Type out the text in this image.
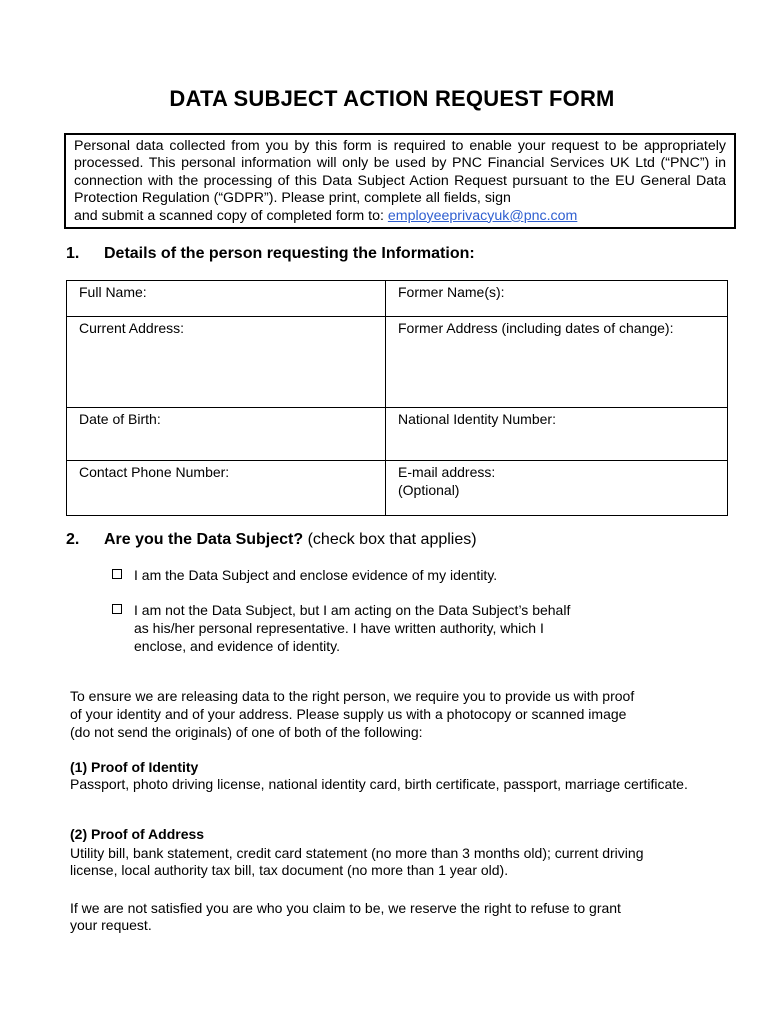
DATA SUBJECT ACTION REQUEST FORM

Personal data collected from you by this form is required to enable your request to be appropriately processed. This personal information will only be used by PNC Financial Services UK Ltd (“PNC”) in connection with the processing of this Data Subject Action Request pursuant to the EU General Data Protection Regulation (“GDPR”). Please print, complete all fields, sign

and submit a scanned copy of completed form to: employeeprivacyuk@pnc.com

1. Details of the person requesting the Information:
Full Name:	Former Name(s):
Current Address:	Former Address (including dates of change):
Date of Birth:	National Identity Number:
Contact Phone Number:	E-mail address:
(Optional)
2. Are you the Data Subject? (check box that applies)
I am the Data Subject and enclose evidence of my identity.
I am not the Data Subject, but I am acting on the Data Subject’s behalf
as his/her personal representative. I have written authority, which I
enclose, and evidence of identity.

To ensure we are releasing data to the right person, we require you to provide us with proof

of your identity and of your address. Please supply us with a photocopy or scanned image

(do not send the originals) of one of both of the following:

(1) Proof of Identity

Passport, photo driving license, national identity card, birth certificate, passport, marriage certificate.

(2) Proof of Address

Utility bill, bank statement, credit card statement (no more than 3 months old); current driving

license, local authority tax bill, tax document (no more than 1 year old).

If we are not satisfied you are who you claim to be, we reserve the right to refuse to grant

your request.
